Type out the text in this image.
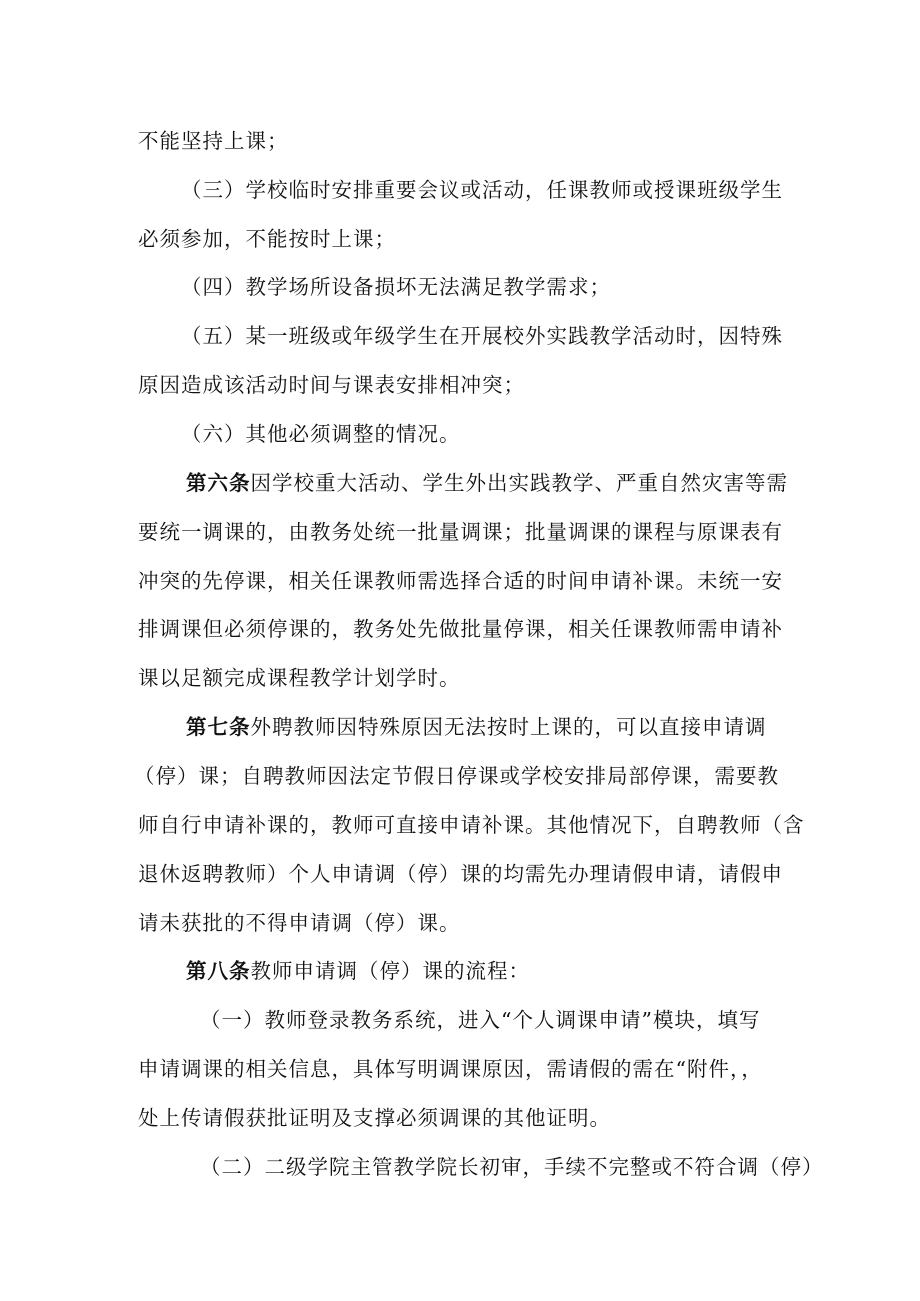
不能坚持上课；
（三）学校临时安排重要会议或活动，任课教师或授课班级学生
必须参加，不能按时上课；
（四）教学场所设备损坏无法满足教学需求；
（五）某一班级或年级学生在开展校外实践教学活动时，因特殊
原因造成该活动时间与课表安排相冲突；
（六）其他必须调整的情况。
第六条因学校重大活动、学生外出实践教学、严重自然灾害等需
要统一调课的，由教务处统一批量调课；批量调课的课程与原课表有
冲突的先停课，相关任课教师需选择合适的时间申请补课。未统一安
排调课但必须停课的，教务处先做批量停课，相关任课教师需申请补
课以足额完成课程教学计划学时。
第七条外聘教师因特殊原因无法按时上课的，可以直接申请调
（停）课；自聘教师因法定节假日停课或学校安排局部停课，需要教
师自行申请补课的，教师可直接申请补课。其他情况下，自聘教师（含
退休返聘教师）个人申请调（停）课的均需先办理请假申请，请假申
请未获批的不得申请调（停）课。
第八条教师申请调（停）课的流程：
（一）教师登录教务系统，进入“个人调课申请”模块，填写
申请调课的相关信息，具体写明调课原因，需请假的需在“附件，，
处上传请假获批证明及支撑必须调课的其他证明。
（二）二级学院主管教学院长初审，手续不完整或不符合调（停）
